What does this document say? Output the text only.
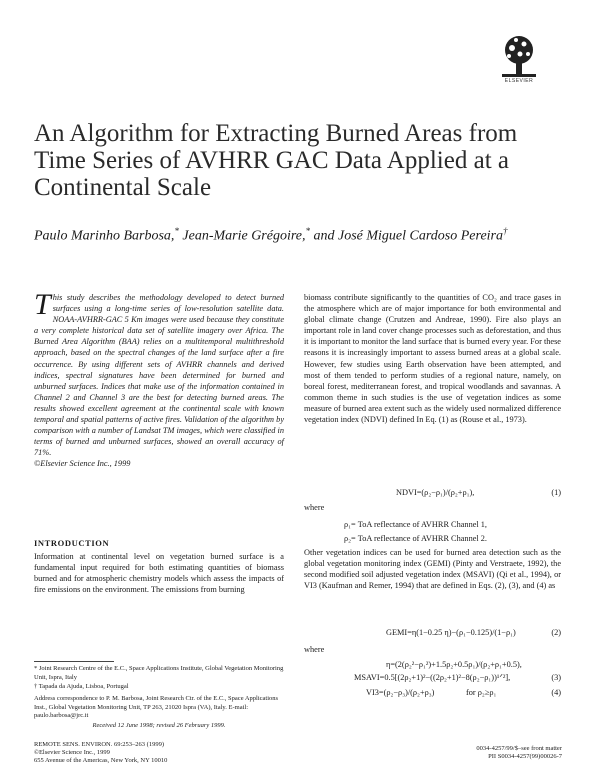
ELSEVIER
An Algorithm for Extracting Burned Areas from Time Series of AVHRR GAC Data Applied at a Continental Scale
Paulo Marinho Barbosa,* Jean-Marie Grégoire,* and José Miguel Cardoso Pereira†
This study describes the methodology developed to detect burned surfaces using a long-time series of low-resolution satellite data. NOAA-AVHRR-GAC 5 Km images were used because they constitute a very complete historical data set of satellite imagery over Africa. The Burned Area Algorithm (BAA) relies on a multitemporal multithreshold approach, based on the spectral changes of the land surface after a fire occurrence. By using different sets of AVHRR channels and derived indices, spectral signatures have been determined for burned and unburned surfaces. Indices that make use of the information contained in Channel 2 and Channel 3 are the best for detecting burned areas. The results showed excellent agreement at the continental scale with known temporal and spatial patterns of active fires. Validation of the algorithm by comparison with a number of Landsat TM images, which were classified in terms of burned and unburned surfaces, showed an overall accuracy of 71%.
©Elsevier Science Inc., 1999
INTRODUCTION
Information at continental level on vegetation burned surface is a fundamental input required for both estimating quantities of biomass burned and for atmospheric chemistry models which assess the impacts of fire emissions on the environment. The emissions from burning
* Joint Research Centre of the E.C., Space Applications Institute, Global Vegetation Monitoring Unit, Ispra, Italy
† Tapada da Ajuda, Lisboa, Portugal
Address correspondence to P. M. Barbosa, Joint Research Ctr. of the E.C., Space Applications Inst., Global Vegetation Monitoring Unit, TP 263, 21020 Ispra (VA), Italy. E-mail: paulo.barbosa@jrc.it
Received 12 June 1998; revised 26 February 1999.
REMOTE SENS. ENVIRON. 69:253–263 (1999)
©Elsevier Science Inc., 1999
655 Avenue of the Americas, New York, NY 10010
0034-4257/99/$–see front matter
PII S0034-4257(99)00026-7
biomass contribute significantly to the quantities of CO₂ and trace gases in the atmosphere which are of major importance for both environmental and global climate change (Crutzen and Andreae, 1990). Fire also plays an important role in land cover change processes such as deforestation, and thus it is important to monitor the land surface that is burned every year. For these reasons it is increasingly important to assess burned areas at a global scale. However, few studies using Earth observation have been attempted, and most of them tended to perform studies of a regional nature, namely, on boreal forest, mediterranean forest, and tropical woodlands and savannas. A common theme in such studies is the use of vegetation indices as some measure of burned area extent such as the widely used normalized difference vegetation index (NDVI) defined In Eq. (1) as (Rouse et al., 1973).
NDVI=(ρ₂−ρ₁)/(ρ₂+ρ₁),	(1)
where
ρ₁= ToA reflectance of AVHRR Channel 1,
ρ₂= ToA reflectance of AVHRR Channel 2.
Other vegetation indices can be used for burned area detection such as the global vegetation monitoring index (GEMI) (Pinty and Verstraete, 1992), the second modified soil adjusted vegetation index (MSAVI) (Qi et al., 1994), or VI3 (Kaufman and Remer, 1994) that are defined in Eqs. (2), (3), and (4) as
GEMI=η(1−0.25 η)−(ρ₁−0.125)/(1−ρ₁)	(2)
where
η=(2(ρ₂²−ρ₁²)+1.5ρ₂+0.5ρ₁)/(ρ₂+ρ₁+0.5),
MSAVI=0.5[(2ρ₂+1)²−((2ρ₂+1)²−8(ρ₂−ρ₁))¹ᐟ²],	(3)
VI3=(ρ₂−ρ₃)/(ρ₂+ρ₃)	for ρ₂≥ρ₁	(4)
